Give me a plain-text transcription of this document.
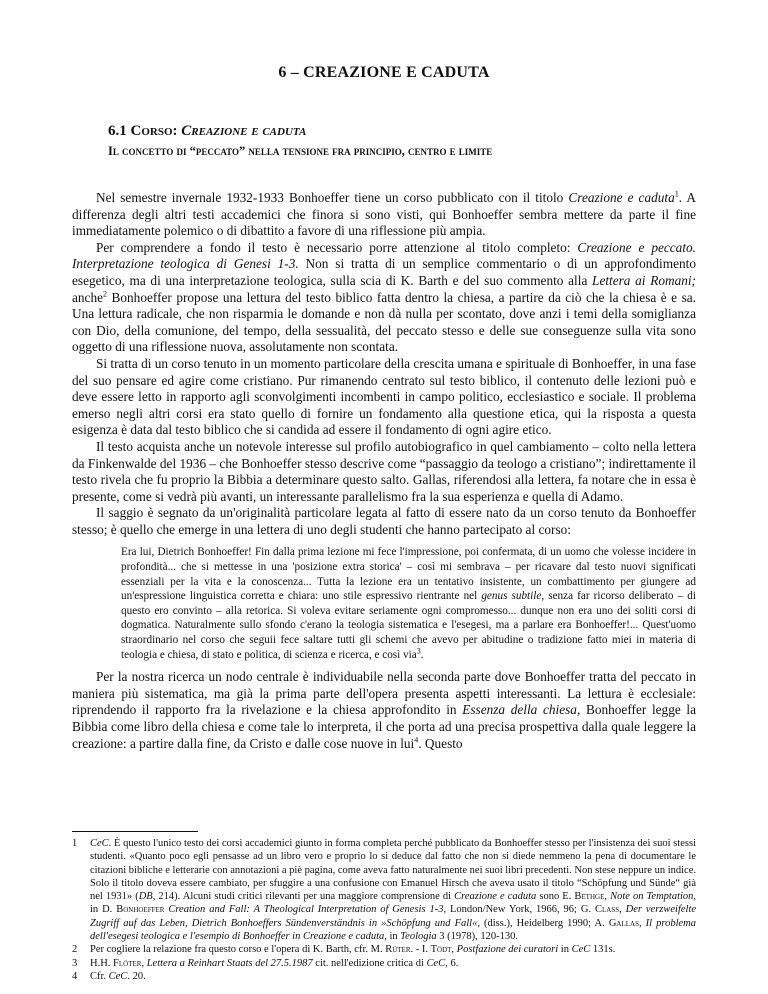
6 – CREAZIONE E CADUTA
6.1 Corso: Creazione e caduta
Il concetto di “peccato” nella tensione fra principio, centro e limite

Nel semestre invernale 1932-1933 Bonhoeffer tiene un corso pubblicato con il titolo Creazione e caduta$^1$. A differenza degli altri testi accademici che finora si sono visti, qui Bonhoeffer sembra mettere da parte il fine immediatamente polemico o di dibattito a favore di una riflessione più ampia.

Per comprendere a fondo il testo è necessario porre attenzione al titolo completo: Creazione e peccato. Interpretazione teologica di Genesi 1-3. Non si tratta di un semplice commentario o di un approfondimento esegetico, ma di una interpretazione teologica, sulla scia di K. Barth e del suo commento alla Lettera ai Romani; anche$^2$ Bonhoeffer propose una lettura del testo biblico fatta dentro la chiesa, a partire da ciò che la chiesa è e sa. Una lettura radicale, che non risparmia le domande e non dà nulla per scontato, dove anzi i temi della somiglianza con Dio, della comunione, del tempo, della sessualità, del peccato stesso e delle sue conseguenze sulla vita sono oggetto di una riflessione nuova, assolutamente non scontata.

Si tratta di un corso tenuto in un momento particolare della crescita umana e spirituale di Bonhoeffer, in una fase del suo pensare ed agire come cristiano. Pur rimanendo centrato sul testo biblico, il contenuto delle lezioni può e deve essere letto in rapporto agli sconvolgimenti incombenti in campo politico, ecclesiastico e sociale. Il problema emerso negli altri corsi era stato quello di fornire un fondamento alla questione etica, qui la risposta a questa esigenza è data dal testo biblico che si candida ad essere il fondamento di ogni agire etico.

Il testo acquista anche un notevole interesse sul profilo autobiografico in quel cambiamento – colto nella lettera da Finkenwalde del 1936 – che Bonhoeffer stesso descrive come “passaggio da teologo a cristiano”; indirettamente il testo rivela che fu proprio la Bibbia a determinare questo salto. Gallas, riferendosi alla lettera, fa notare che in essa è presente, come si vedrà più avanti, un interessante parallelismo fra la sua esperienza e quella di Adamo.

Il saggio è segnato da un'originalità particolare legata al fatto di essere nato da un corso tenuto da Bonhoeffer stesso; è quello che emerge in una lettera di uno degli studenti che hanno partecipato al corso:

Era lui, Dietrich Bonhoeffer! Fin dalla prima lezione mi fece l'impressione, poi confermata, di un uomo che volesse incidere in profondità... che si mettesse in una 'posizione extra storica' – così mi sembrava – per ricavare dal testo nuovi significati essenziali per la vita e la conoscenza... Tutta la lezione era un tentativo insistente, un combattimento per giungere ad un'espressione linguistica corretta e chiara: uno stile espressivo rientrante nel genus subtile, senza far ricorso deliberato – di questo ero convinto – alla retorica. Si voleva evitare seriamente ogni compromesso... dunque non era uno dei soliti corsi di dogmatica. Naturalmente sullo sfondo c'erano la teologia sistematica e l'esegesi, ma a parlare era Bonhoeffer!... Quest'uomo straordinario nel corso che seguii fece saltare tutti gli schemi che avevo per abitudine o tradizione fatto miei in materia di teologia e chiesa, di stato e politica, di scienza e ricerca, e così via$^3$.

Per la nostra ricerca un nodo centrale è individuabile nella seconda parte dove Bonhoeffer tratta del peccato in maniera più sistematica, ma già la prima parte dell'opera presenta aspetti interessanti. La lettura è ecclesiale: riprendendo il rapporto fra la rivelazione e la chiesa approfondito in Essenza della chiesa, Bonhoeffer legge la Bibbia come libro della chiesa e come tale lo interpreta, il che porta ad una precisa prospettiva dalla quale leggere la creazione: a partire dalla fine, da Cristo e dalle cose nuove in lui$^4$. Questo

1	CeC. È questo l'unico testo dei corsi accademici giunto in forma completa perché pubblicato da Bonhoeffer stesso per l'insistenza dei suoi stessi studenti. «Quanto poco egli pensasse ad un libro vero e proprio lo si deduce dal fatto che non si diede nemmeno la pena di documentare le citazioni bibliche e letterarie con annotazioni a piè pagina, come aveva fatto naturalmente nei suoi libri precedenti. Non stese neppure un indice. Solo il titolo doveva essere cambiato, per sfuggire a una confusione con Emanuel Hirsch che aveva usato il titolo “Schöpfung und Sünde“ già nel 1931» (DB, 214). Alcuni studi critici rilevanti per una maggiore comprensione di Creazione e caduta sono E. Bethge, Note on Temptation, in D. Bonhoeffer Creation and Fall: A Theological Interpretation of Genesis 1-3, London/New York, 1966, 96; G. Class, Der verzweifelte Zugriff auf das Leben, Dietrich Bonhoeffers Sündenverständnis in »Schöpfung und Fall«, (diss.), Heidelberg 1990; A. Gallas, Il problema dell'esegesi teologica e l'esempio di Bonhoeffer in Creazione e caduta, in Teologia 3 (1978), 120-130.
2	Per cogliere la relazione fra questo corso e l'opera di K. Barth, cfr. M. Rüter. - I. Tödt, Postfazione dei curatori in CeC 131s.
3	H.H. Flöter, Lettera a Reinhart Staats del 27.5.1987 cit. nell'edizione critica di CeC, 6.
4	Cfr. CeC. 20.
